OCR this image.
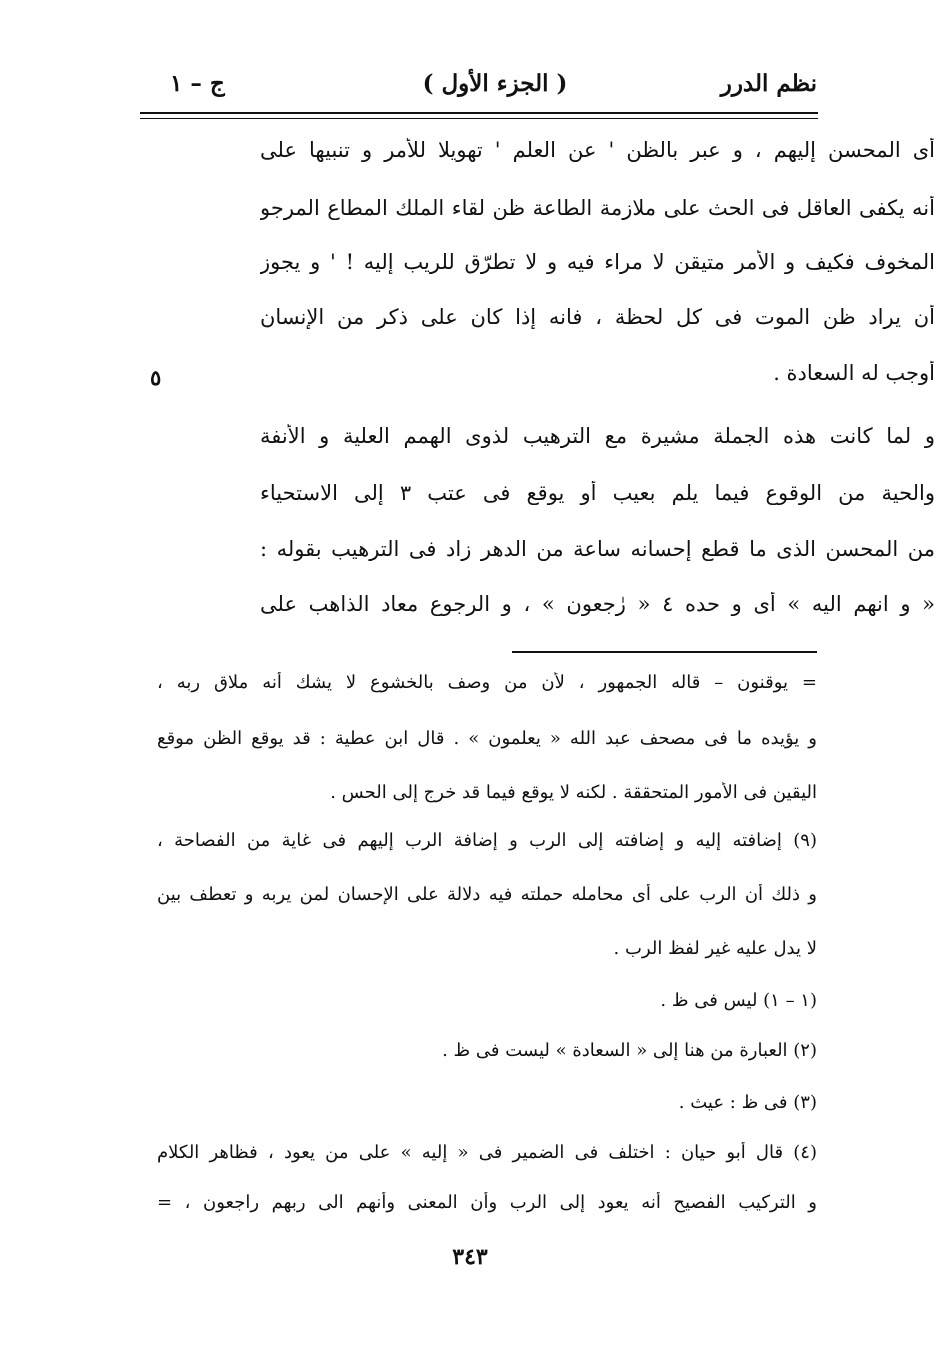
نظم الدرر
( الجزء الأول )
ج – ١
أى المحسن إليهم ، و عبر بالظن ' عن العلم ' تهويلا للأمر و تنبيها على
أنه يكفى العاقل فى الحث على ملازمة الطاعة ظن لقاء الملك المطاع المرجو
المخوف فكيف و الأمر متيقن لا مراء فيه و لا تطرّق للريب إليه ! ' و يجوز
أن يراد ظن الموت فى كل لحظة ، فانه إذا كان على ذكر من الإنسان
أوجب له السعادة .
و لما كانت هذه الجملة مشيرة مع الترهيب لذوى الهمم العلية و الأنفة
والحية من الوقوع فيما يلم بعيب أو يوقع فى عتب ٣ إلى الاستحياء
من المحسن الذى ما قطع إحسانه ساعة من الدهر زاد فى الترهيب بقوله :
« و انهم اليه » أى و حده ٤ « رٰجعون » ، و الرجوع معاد الذاهب على
٥
= يوقنون – قاله الجمهور ، لأن من وصف بالخشوع لا يشك أنه ملاق ربه ،
و يؤيده ما فى مصحف عبد الله « يعلمون » . قال ابن عطية : قد يوقع الظن موقع
اليقين فى الأمور المتحققة . لكنه لا يوقع فيما قد خرج إلى الحس .
(٩) إضافته إليه و إضافته إلى الرب و إضافة الرب إليهم فى غاية من الفصاحة ،
و ذلك أن الرب على أى محامله حملته فيه دلالة على الإحسان لمن يربه و تعطف بين
لا يدل عليه غير لفظ الرب .
(١ – ١) ليس فى ظ .
(٢) العبارة من هنا إلى « السعادة » ليست فى ظ .
(٣) فى ظ : عيث .
(٤) قال أبو حيان : اختلف فى الضمير فى « إليه » على من يعود ، فظاهر الكلام
و التركيب الفصيح أنه يعود إلى الرب وأن المعنى وأنهم الى ربهم راجعون ، =
٣٤٣
